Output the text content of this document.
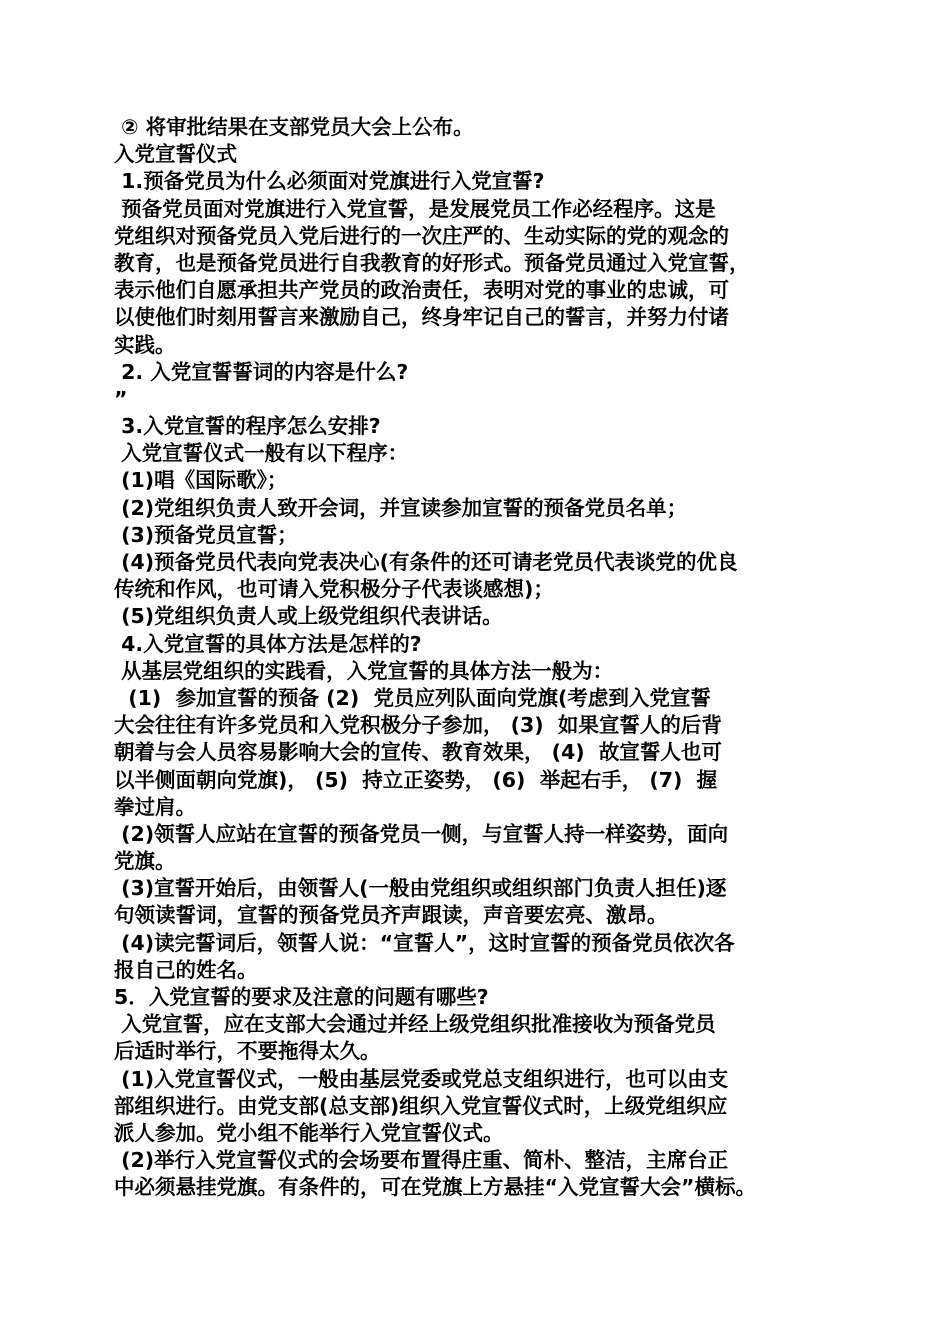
② 将审批结果在支部党员大会上公布。
入党宣誓仪式
1.预备党员为什么必须面对党旗进行入党宣誓?
预备党员面对党旗进行入党宣誓，是发展党员工作必经程序。这是
党组织对预备党员入党后进行的一次庄严的、生动实际的党的观念的
教育，也是预备党员进行自我教育的好形式。预备党员通过入党宣誓，
表示他们自愿承担共产党员的政治责任，表明对党的事业的忠诚，可
以使他们时刻用誓言来激励自己，终身牢记自己的誓言，并努力付诸
实践。
2. 入党宣誓誓词的内容是什么?
”
3.入党宣誓的程序怎么安排?
入党宣誓仪式一般有以下程序：
(1)唱《国际歌》；
(2)党组织负责人致开会词，并宣读参加宣誓的预备党员名单；
(3)预备党员宣誓；
(4)预备党员代表向党表决心(有条件的还可请老党员代表谈党的优良
传统和作风，也可请入党积极分子代表谈感想)；
(5)党组织负责人或上级党组织代表讲话。
4.入党宣誓的具体方法是怎样的?
从基层党组织的实践看，入党宣誓的具体方法一般为：
(1)  参加宣誓的预备 (2)  党员应列队面向党旗(考虑到入党宣誓
大会往往有许多党员和入党积极分子参加， (3)  如果宣誓人的后背
朝着与会人员容易影响大会的宣传、教育效果， (4)  故宣誓人也可
以半侧面朝向党旗)， (5)  持立正姿势， (6)  举起右手， (7)  握
拳过肩。
(2)领誓人应站在宣誓的预备党员一侧，与宣誓人持一样姿势，面向
党旗。
(3)宣誓开始后，由领誓人(一般由党组织或组织部门负责人担任)逐
句领读誓词，宣誓的预备党员齐声跟读，声音要宏亮、激昂。
(4)读完誓词后，领誓人说：“宣誓人”，这时宣誓的预备党员依次各
报自己的姓名。
5．入党宣誓的要求及注意的问题有哪些?
入党宣誓，应在支部大会通过并经上级党组织批准接收为预备党员
后适时举行，不要拖得太久。
(1)入党宣誓仪式，一般由基层党委或党总支组织进行，也可以由支
部组织进行。由党支部(总支部)组织入党宣誓仪式时，上级党组织应
派人参加。党小组不能举行入党宣誓仪式。
(2)举行入党宣誓仪式的会场要布置得庄重、简朴、整洁，主席台正
中必须悬挂党旗。有条件的，可在党旗上方悬挂“入党宣誓大会”横标。
